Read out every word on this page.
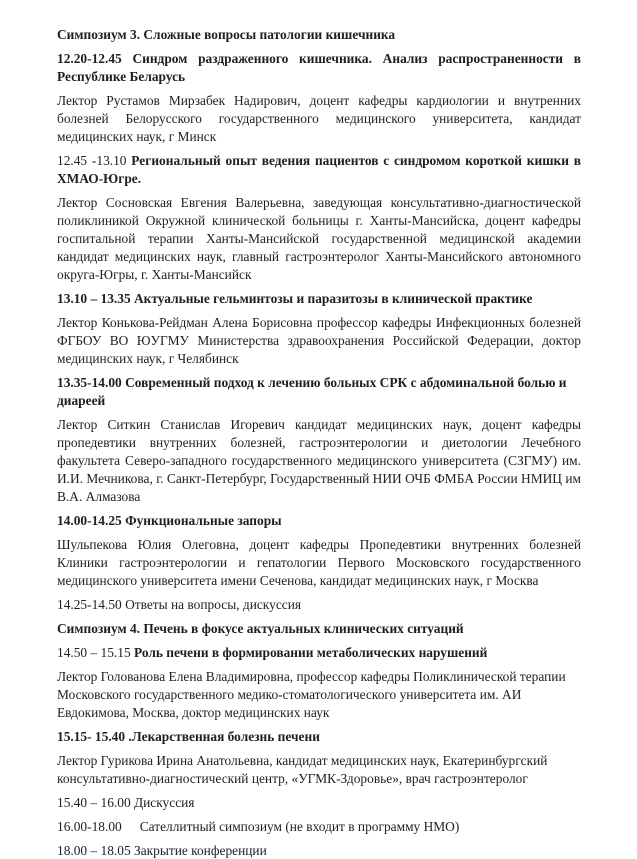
Симпозиум 3. Сложные вопросы патологии кишечника

12.20-12.45 Синдром раздраженного кишечника. Анализ распространенности в Республике Беларусь

Лектор Рустамов Мирзабек Надирович, доцент кафедры кардиологии и внутренних болезней Белорусского государственного медицинского университета, кандидат медицинских наук, г Минск

12.45 -13.10 Региональный опыт ведения пациентов с синдромом короткой кишки в ХМАО-Югре.

Лектор Сосновская Евгения Валерьевна, заведующая консультативно-диагностической поликлиникой Окружной клинической больницы г. Ханты-Мансийска, доцент кафедры госпитальной терапии Ханты-Мансийской государственной медицинской академии кандидат медицинских наук, главный гастроэнтеролог Ханты-Мансийского автономного округа-Югры, г. Ханты-Мансийск

13.10 – 13.35 Актуальные гельминтозы и паразитозы в клинической практике

Лектор Конькова-Рейдман Алена Борисовна профессор кафедры Инфекционных болезней ФГБОУ ВО ЮУГМУ Министерства здравоохранения Российской Федерации, доктор медицинских наук, г Челябинск

13.35-14.00 Современный подход к лечению больных СРК с абдоминальной болью и диареей

Лектор Ситкин Станислав Игоревич кандидат медицинских наук, доцент кафедры пропедевтики внутренних болезней, гастроэнтерологии и диетологии Лечебного факультета Северо-западного государственного медицинского университета (СЗГМУ) им. И.И. Мечникова, г. Санкт-Петербург, Государственный НИИ ОЧБ ФМБА России НМИЦ им В.А. Алмазова

14.00-14.25 Функциональные запоры

Шульпекова Юлия Олеговна, доцент кафедры Пропедевтики внутренних болезней Клиники гастроэнтерологии и гепатологии Первого Московского государственного медицинского университета имени Сеченова, кандидат медицинских наук, г Москва

14.25-14.50 Ответы на вопросы, дискуссия

Симпозиум 4. Печень в фокусе актуальных клинических ситуаций

14.50 – 15.15 Роль печени в формировании метаболических нарушений

Лектор Голованова Елена Владимировна, профессор кафедры Поликлинической терапии Московского государственного медико-стоматологического университета им. АИ Евдокимова, Москва, доктор медицинских наук

15.15- 15.40 .Лекарственная болезнь печени

Лектор Гурикова Ирина Анатольевна, кандидат медицинских наук, Екатеринбургский консультативно-диагностический центр, «УГМК-Здоровье», врач гастроэнтеролог

15.40 – 16.00 Дискуссия

16.00-18.00 Сателлитный симпозиум (не входит в программу НМО)

18.00 – 18.05 Закрытие конференции
